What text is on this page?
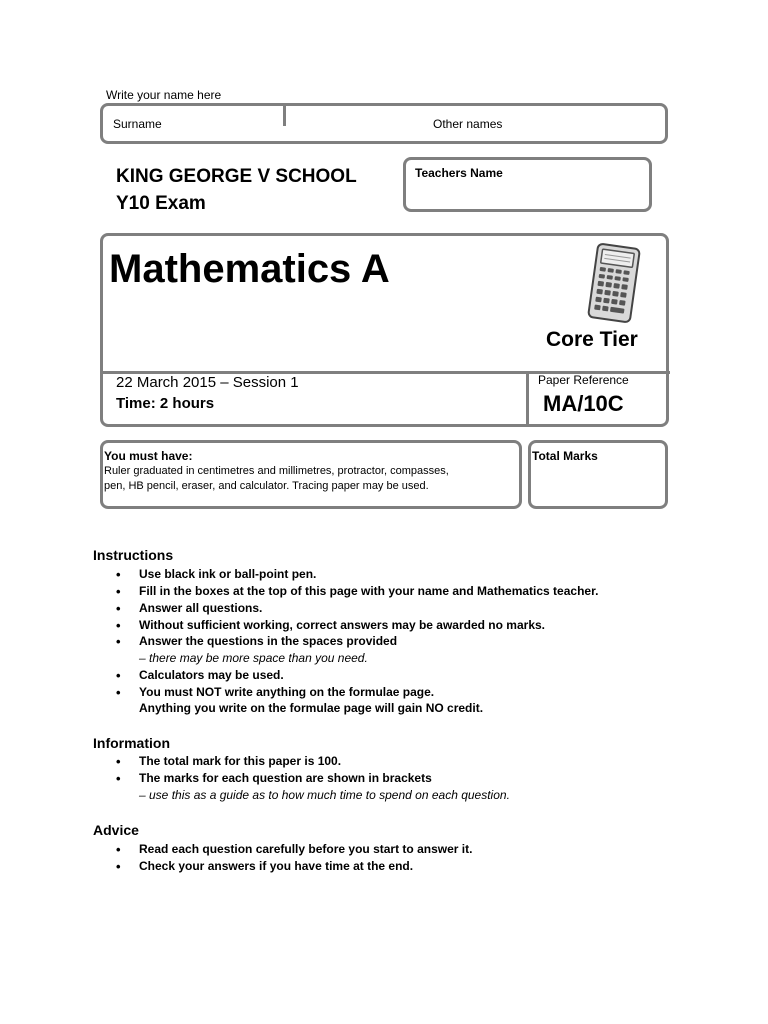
Write your name here
Surname	Other names
KING GEORGE V SCHOOL
Y10 Exam
Teachers Name
Mathematics A
Core Tier
22 March 2015 – Session 1
Time: 2 hours
Paper Reference
MA/10C
You must have:
Ruler graduated in centimetres and millimetres, protractor, compasses,
pen, HB pencil, eraser, and calculator. Tracing paper may be used.
Total Marks
Instructions
• Use black ink or ball-point pen.
• Fill in the boxes at the top of this page with your name and Mathematics teacher.
• Answer all questions.
• Without sufficient working, correct answers may be awarded no marks.
• Answer the questions in the spaces provided
– there may be more space than you need.
• Calculators may be used.
• You must NOT write anything on the formulae page.
Anything you write on the formulae page will gain NO credit.
Information
• The total mark for this paper is 100.
• The marks for each question are shown in brackets
– use this as a guide as to how much time to spend on each question.
Advice
• Read each question carefully before you start to answer it.
• Check your answers if you have time at the end.
